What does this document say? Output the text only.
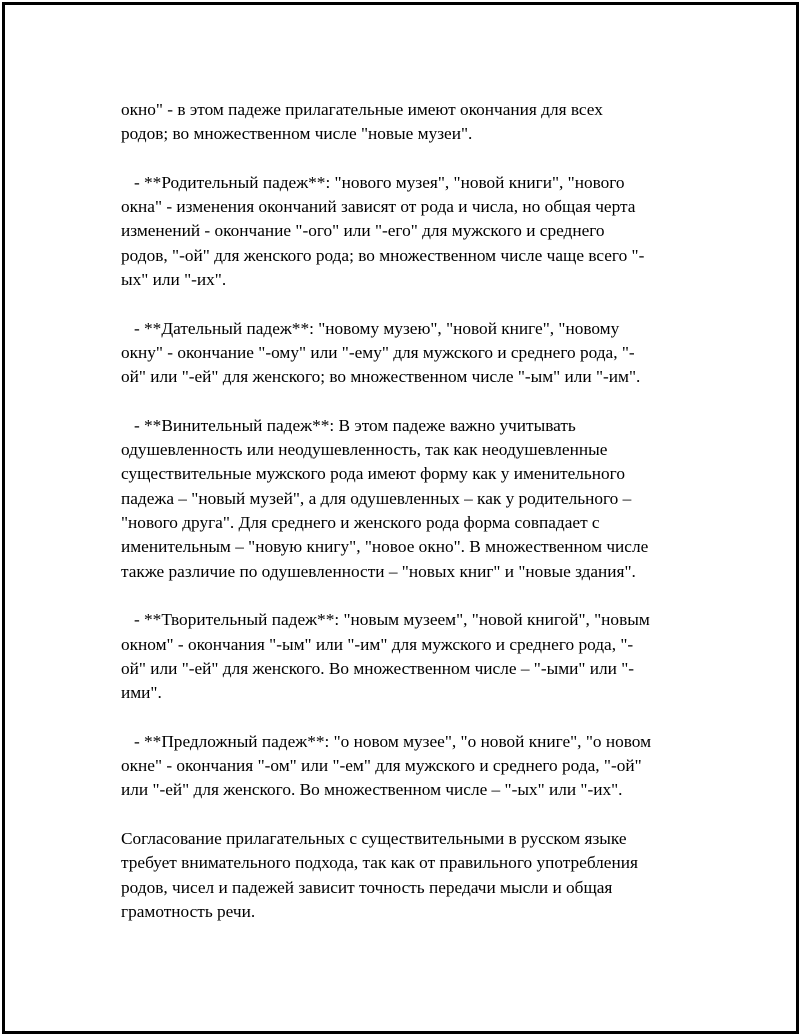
окно" - в этом падеже прилагательные имеют окончания для всех
родов; во множественном числе "новые музеи".
- **Родительный падеж**: "нового музея", "новой книги", "нового
окна" - изменения окончаний зависят от рода и числа, но общая черта
изменений - окончание "-ого" или "-его" для мужского и среднего
родов, "-ой" для женского рода; во множественном числе чаще всего "-
ых" или "-их".
- **Дательный падеж**: "новому музею", "новой книге", "новому
окну" - окончание "-ому" или "-ему" для мужского и среднего рода, "-
ой" или "-ей" для женского; во множественном числе "-ым" или "-им".
- **Винительный падеж**: В этом падеже важно учитывать
одушевленность или неодушевленность, так как неодушевленные
существительные мужского рода имеют форму как у именительного
падежа – "новый музей", а для одушевленных – как у родительного –
"нового друга". Для среднего и женского рода форма совпадает с
именительным – "новую книгу", "новое окно". В множественном числе
также различие по одушевленности – "новых книг" и "новые здания".
- **Творительный падеж**: "новым музеем", "новой книгой", "новым
окном" - окончания "-ым" или "-им" для мужского и среднего рода, "-
ой" или "-ей" для женского. Во множественном числе – "-ыми" или "-
ими".
- **Предложный падеж**: "о новом музее", "о новой книге", "о новом
окне" - окончания "-ом" или "-ем" для мужского и среднего рода, "-ой"
или "-ей" для женского. Во множественном числе – "-ых" или "-их".
Согласование прилагательных с существительными в русском языке
требует внимательного подхода, так как от правильного употребления
родов, чисел и падежей зависит точность передачи мысли и общая
грамотность речи.
